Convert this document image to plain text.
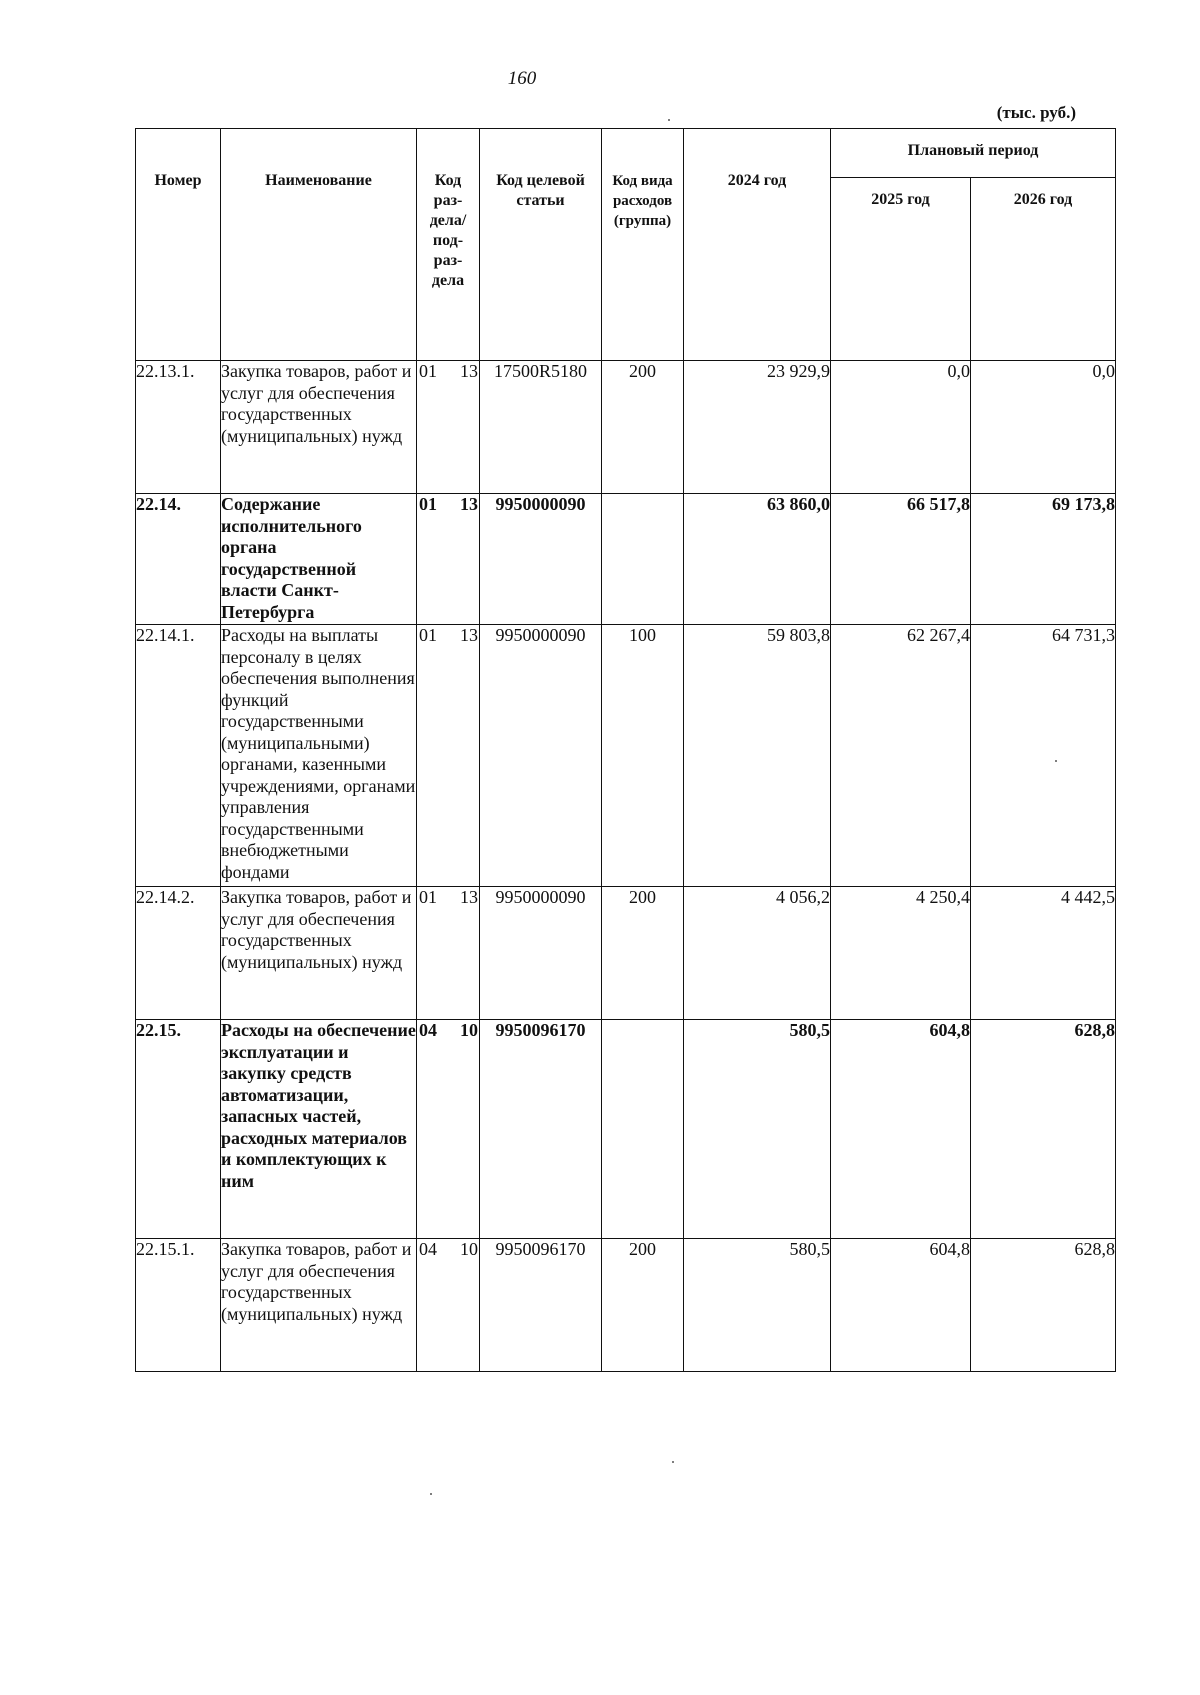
160
(тыс. руб.)
Номер	Наименование	Код раз-дела/ под-раз-дела	Код целевой статьи	Код вида расходов (группа)	2024 год	Плановый период	
						2025 год	2026 год
22.13.1.	Закупка товаров, работ и услуг для обеспечения государственных (муниципальных) нужд	01 13	17500R5180	200	23 929,9	0,0	0,0
22.14.	Содержание исполнительного органа государственной власти Санкт-Петербурга	01 13	9950000090		63 860,0	66 517,8	69 173,8
22.14.1.	Расходы на выплаты персоналу в целях обеспечения выполнения функций государственными (муниципальными) органами, казенными учреждениями, органами управления государственными внебюджетными фондами	01 13	9950000090	100	59 803,8	62 267,4	64 731,3
22.14.2.	Закупка товаров, работ и услуг для обеспечения государственных (муниципальных) нужд	01 13	9950000090	200	4 056,2	4 250,4	4 442,5
22.15.	Расходы на обеспечение эксплуатации и закупку средств автоматизации, запасных частей, расходных материалов и комплектующих к ним	04 10	9950096170		580,5	604,8	628,8
22.15.1.	Закупка товаров, работ и услуг для обеспечения государственных (муниципальных) нужд	04 10	9950096170	200	580,5	604,8	628,8
